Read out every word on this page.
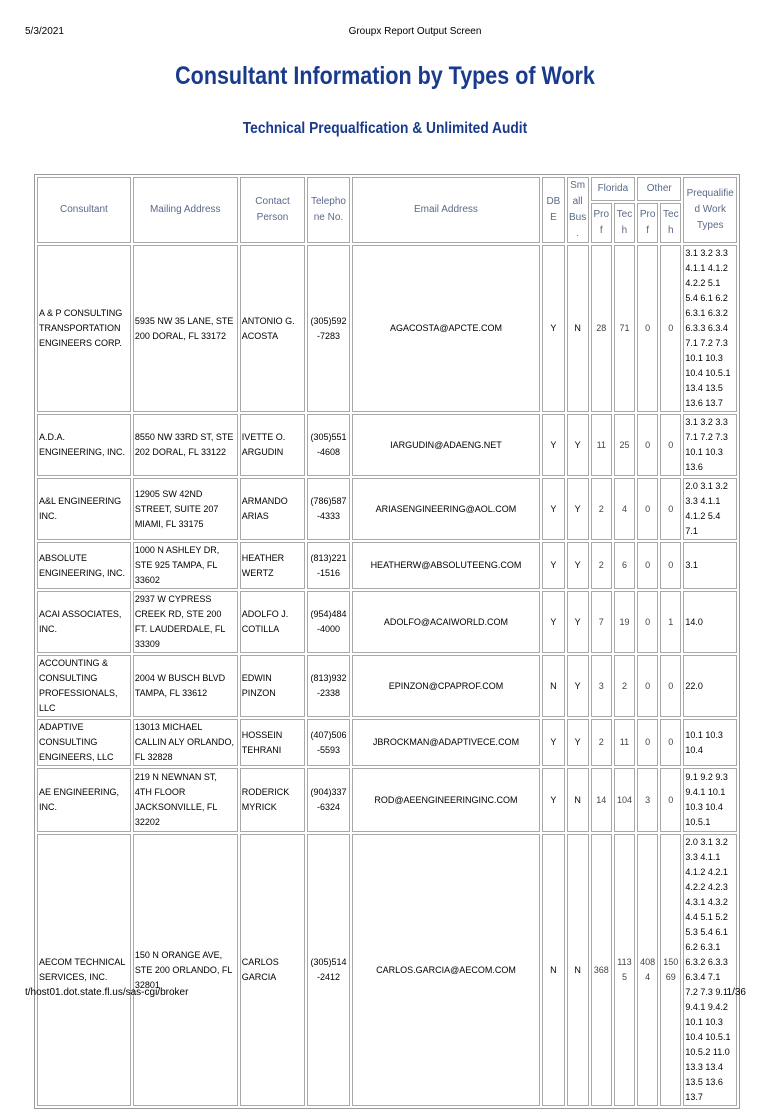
5/3/2021	Groupx Report Output Screen
Consultant Information by Types of Work
Technical Prequalfication & Unlimited Audit
Consultant	Mailing Address	Contact Person	Telephone No.	Email Address	DBE	Small Bus.	Florida		Other		Prequalified Work Types
							Prof	Tech	Prof	Tech	
A & P CONSULTING TRANSPORTATION ENGINEERS CORP.	5935 NW 35 LANE, STE 200 DORAL, FL 33172	ANTONIO G. ACOSTA	(305)592-7283	AGACOSTA@APCTE.COM	Y	N	28	71	0	0	3.1 3.2 3.3 4.1.1 4.1.2 4.2.2 5.1 5.4 6.1 6.2 6.3.1 6.3.2 6.3.3 6.3.4 7.1 7.2 7.3 10.1 10.3 10.4 10.5.1 13.4 13.5 13.6 13.7
A.D.A. ENGINEERING, INC.	8550 NW 33RD ST, STE 202 DORAL, FL 33122	IVETTE O. ARGUDIN	(305)551-4608	IARGUDIN@ADAENG.NET	Y	Y	11	25	0	0	3.1 3.2 3.3 7.1 7.2 7.3 10.1 10.3 13.6
A&L ENGINEERING INC.	12905 SW 42ND STREET, SUITE 207 MIAMI, FL 33175	ARMANDO ARIAS	(786)587-4333	ARIASENGINEERING@AOL.COM	Y	Y	2	4	0	0	2.0 3.1 3.2 3.3 4.1.1 4.1.2 5.4 7.1
ABSOLUTE ENGINEERING, INC.	1000 N ASHLEY DR, STE 925 TAMPA, FL 33602	HEATHER WERTZ	(813)221-1516	HEATHERW@ABSOLUTEENG.COM	Y	Y	2	6	0	0	3.1
ACAI ASSOCIATES, INC.	2937 W CYPRESS CREEK RD, STE 200 FT. LAUDERDALE, FL 33309	ADOLFO J. COTILLA	(954)484-4000	ADOLFO@ACAIWORLD.COM	Y	Y	7	19	0	1	14.0
ACCOUNTING & CONSULTING PROFESSIONALS, LLC	2004 W BUSCH BLVD TAMPA, FL 33612	EDWIN PINZON	(813)932-2338	EPINZON@CPAPROF.COM	N	Y	3	2	0	0	22.0
ADAPTIVE CONSULTING ENGINEERS, LLC	13013 MICHAEL CALLIN ALY ORLANDO, FL 32828	HOSSEIN TEHRANI	(407)506-5593	JBROCKMAN@ADAPTIVECE.COM	Y	Y	2	11	0	0	10.1 10.3 10.4
AE ENGINEERING, INC.	219 N NEWNAN ST, 4TH FLOOR JACKSONVILLE, FL 32202	RODERICK MYRICK	(904)337-6324	ROD@AEENGINEERINGINC.COM	Y	N	14	104	3	0	9.1 9.2 9.3 9.4.1 10.1 10.3 10.4 10.5.1
AECOM TECHNICAL SERVICES, INC.	150 N ORANGE AVE, STE 200 ORLANDO, FL 32801	CARLOS GARCIA	(305)514-2412	CARLOS.GARCIA@AECOM.COM	N	N	368	1135	4084	15069	2.0 3.1 3.2 3.3 4.1.1 4.1.2 4.2.1 4.2.2 4.2.3 4.3.1 4.3.2 4.4 5.1 5.2 5.3 5.4 6.1 6.2 6.3.1 6.3.2 6.3.3 6.3.4 7.1 7.2 7.3 9.1 9.4.1 9.4.2 10.1 10.3 10.4 10.5.1 10.5.2 11.0 13.3 13.4 13.5 13.6 13.7
t/host01.dot.state.fl.us/sas-cgi/broker	1/36
